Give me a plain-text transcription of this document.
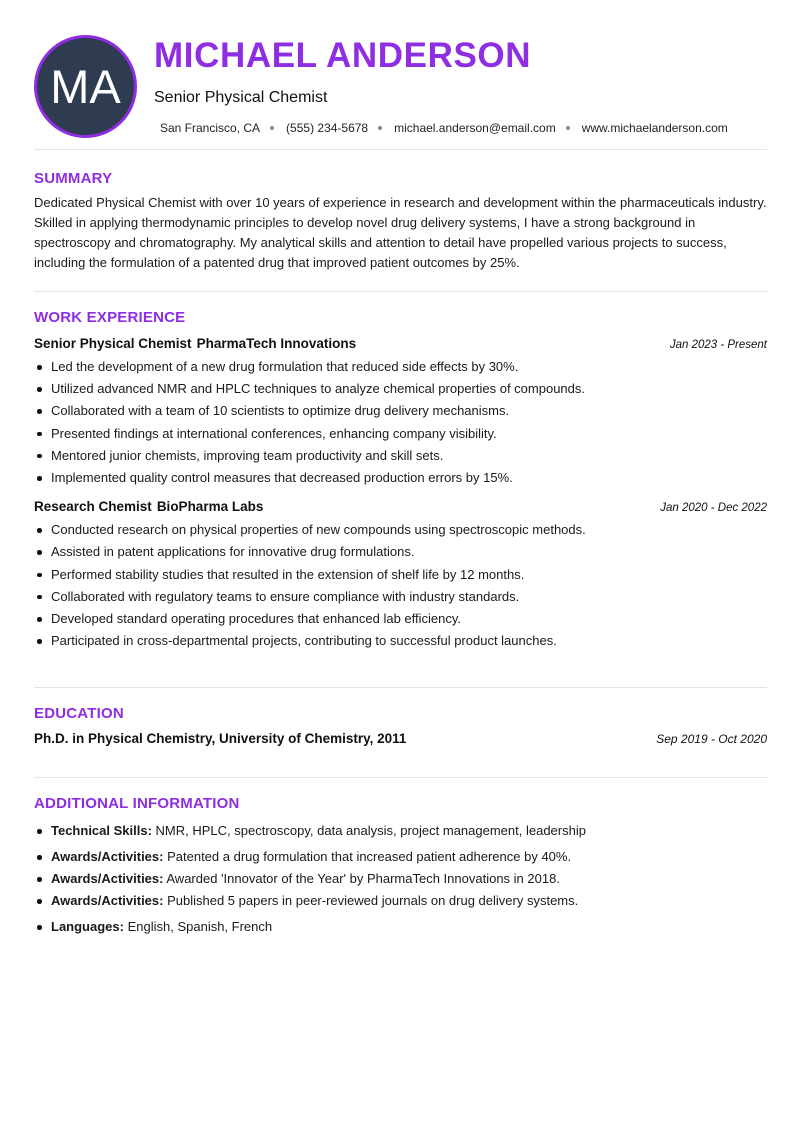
MA
MICHAEL ANDERSON
Senior Physical Chemist
San Francisco, CA (555) 234-5678 michael.anderson@email.com www.michaelanderson.com
SUMMARY

Dedicated Physical Chemist with over 10 years of experience in research and development within the pharmaceuticals industry. Skilled in applying thermodynamic principles to develop novel drug delivery systems, I have a strong background in spectroscopy and chromatography. My analytical skills and attention to detail have propelled various projects to success, including the formulation of a patented drug that improved patient outcomes by 25%.

WORK EXPERIENCE
Senior Physical Chemist PharmaTech Innovations	Jan 2023 - Present
Led the development of a new drug formulation that reduced side effects by 30%.
Utilized advanced NMR and HPLC techniques to analyze chemical properties of compounds.
Collaborated with a team of 10 scientists to optimize drug delivery mechanisms.
Presented findings at international conferences, enhancing company visibility.
Mentored junior chemists, improving team productivity and skill sets.
Implemented quality control measures that decreased production errors by 15%.
Research Chemist BioPharma Labs	Jan 2020 - Dec 2022
Conducted research on physical properties of new compounds using spectroscopic methods.
Assisted in patent applications for innovative drug formulations.
Performed stability studies that resulted in the extension of shelf life by 12 months.
Collaborated with regulatory teams to ensure compliance with industry standards.
Developed standard operating procedures that enhanced lab efficiency.
Participated in cross-departmental projects, contributing to successful product launches.
EDUCATION
Ph.D. in Physical Chemistry, University of Chemistry, 2011	Sep 2019 - Oct 2020
ADDITIONAL INFORMATION
Technical Skills: NMR, HPLC, spectroscopy, data analysis, project management, leadership
Awards/Activities: Patented a drug formulation that increased patient adherence by 40%.
Awards/Activities: Awarded 'Innovator of the Year' by PharmaTech Innovations in 2018.
Awards/Activities: Published 5 papers in peer-reviewed journals on drug delivery systems.
Languages: English, Spanish, French
